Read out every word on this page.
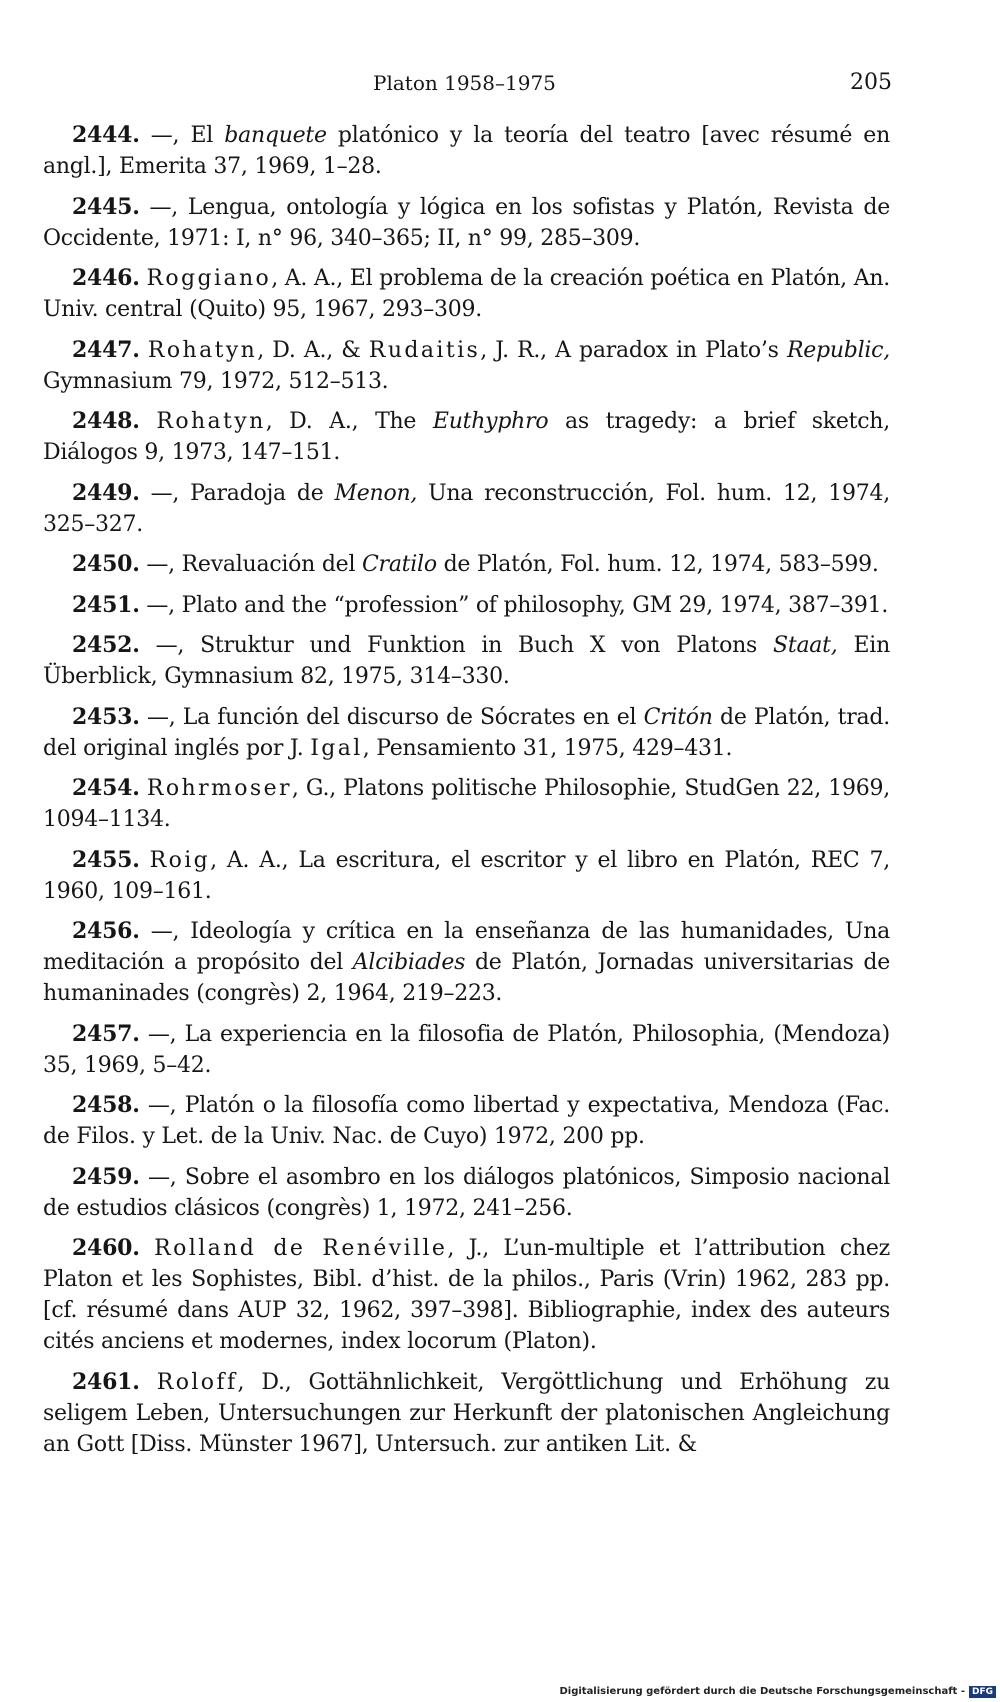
Platon 1958–1975	205

2444. —, El banquete platónico y la teoría del teatro [avec résumé en angl.], Emerita 37, 1969, 1–28.

2445. —, Lengua, ontología y lógica en los sofistas y Platón, Revista de Occidente, 1971: I, n° 96, 340–365; II, n° 99, 285–309.

2446. Roggiano, A. A., El problema de la creación poética en Platón, An. Univ. central (Quito) 95, 1967, 293–309.

2447. Rohatyn, D. A., & Rudaitis, J. R., A paradox in Plato’s Republic, Gymnasium 79, 1972, 512–513.

2448. Rohatyn, D. A., The Euthyphro as tragedy: a brief sketch, Diálogos 9, 1973, 147–151.

2449. —, Paradoja de Menon, Una reconstrucción, Fol. hum. 12, 1974, 325–327.

2450. —, Revaluación del Cratilo de Platón, Fol. hum. 12, 1974, 583–599.

2451. —, Plato and the “profession” of philosophy, GM 29, 1974, 387–391.

2452. —, Struktur und Funktion in Buch X von Platons Staat, Ein Überblick, Gymnasium 82, 1975, 314–330.

2453. —, La función del discurso de Sócrates en el Critón de Platón, trad. del original inglés por J. Igal, Pensamiento 31, 1975, 429–431.

2454. Rohrmoser, G., Platons politische Philosophie, StudGen 22, 1969, 1094–1134.

2455. Roig, A. A., La escritura, el escritor y el libro en Platón, REC 7, 1960, 109–161.

2456. —, Ideología y crítica en la enseñanza de las humanidades, Una meditación a propósito del Alcibiades de Platón, Jornadas universitarias de humaninades (congrès) 2, 1964, 219–223.

2457. —, La experiencia en la filosofia de Platón, Philosophia, (Mendoza) 35, 1969, 5–42.

2458. —, Platón o la filosofía como libertad y expectativa, Mendoza (Fac. de Filos. y Let. de la Univ. Nac. de Cuyo) 1972, 200 pp.

2459. —, Sobre el asombro en los diálogos platónicos, Simposio nacional de estudios clásicos (congrès) 1, 1972, 241–256.

2460. Rolland de Renéville, J., L’un-multiple et l’attribution chez Platon et les Sophistes, Bibl. d’hist. de la philos., Paris (Vrin) 1962, 283 pp. [cf. résumé dans AUP 32, 1962, 397–398]. Bibliographie, index des auteurs cités anciens et modernes, index locorum (Platon).

2461. Roloff, D., Gottähnlichkeit, Vergöttlichung und Erhöhung zu seligem Leben, Untersuchungen zur Herkunft der platonischen Angleichung an Gott [Diss. Münster 1967], Untersuch. zur antiken Lit. &

Digitalisierung gefördert durch die Deutsche Forschungsgemeinschaft - DFG
